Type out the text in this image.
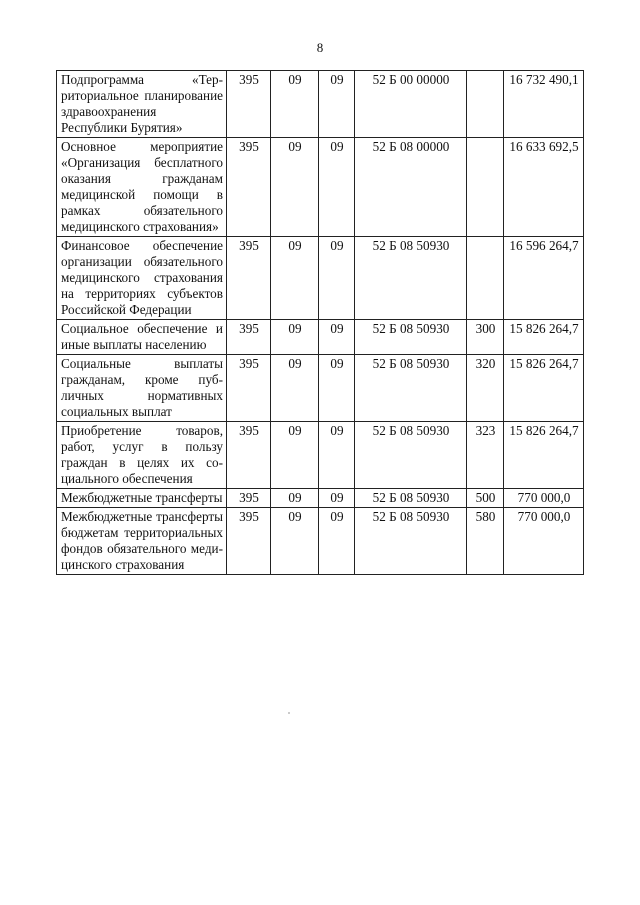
8
Подпрограмма «Территориальное планирование здравоохранения Республики Бурятия»	395	09	09	52 Б 00 00000		16 732 490,1
Основное мероприятие «Организация бесплатного оказания гражданам медицинской помощи в рамках обязательного медицинского страхования»	395	09	09	52 Б 08 00000		16 633 692,5
Финансовое обеспечение организации обязательного медицинского страхования на территориях субъектов Российской Федерации	395	09	09	52 Б 08 50930		16 596 264,7
Социальное обеспечение и иные выплаты населению	395	09	09	52 Б 08 50930	300	15 826 264,7
Социальные выплаты гражданам, кроме публичных нормативных социальных выплат	395	09	09	52 Б 08 50930	320	15 826 264,7
Приобретение товаров, работ, услуг в пользу граждан в целях их социального обеспечения	395	09	09	52 Б 08 50930	323	15 826 264,7
Межбюджетные трансферты	395	09	09	52 Б 08 50930	500	770 000,0
Межбюджетные трансферты бюджетам территориальных фондов обязательного медицинского страхования	395	09	09	52 Б 08 50930	580	770 000,0
